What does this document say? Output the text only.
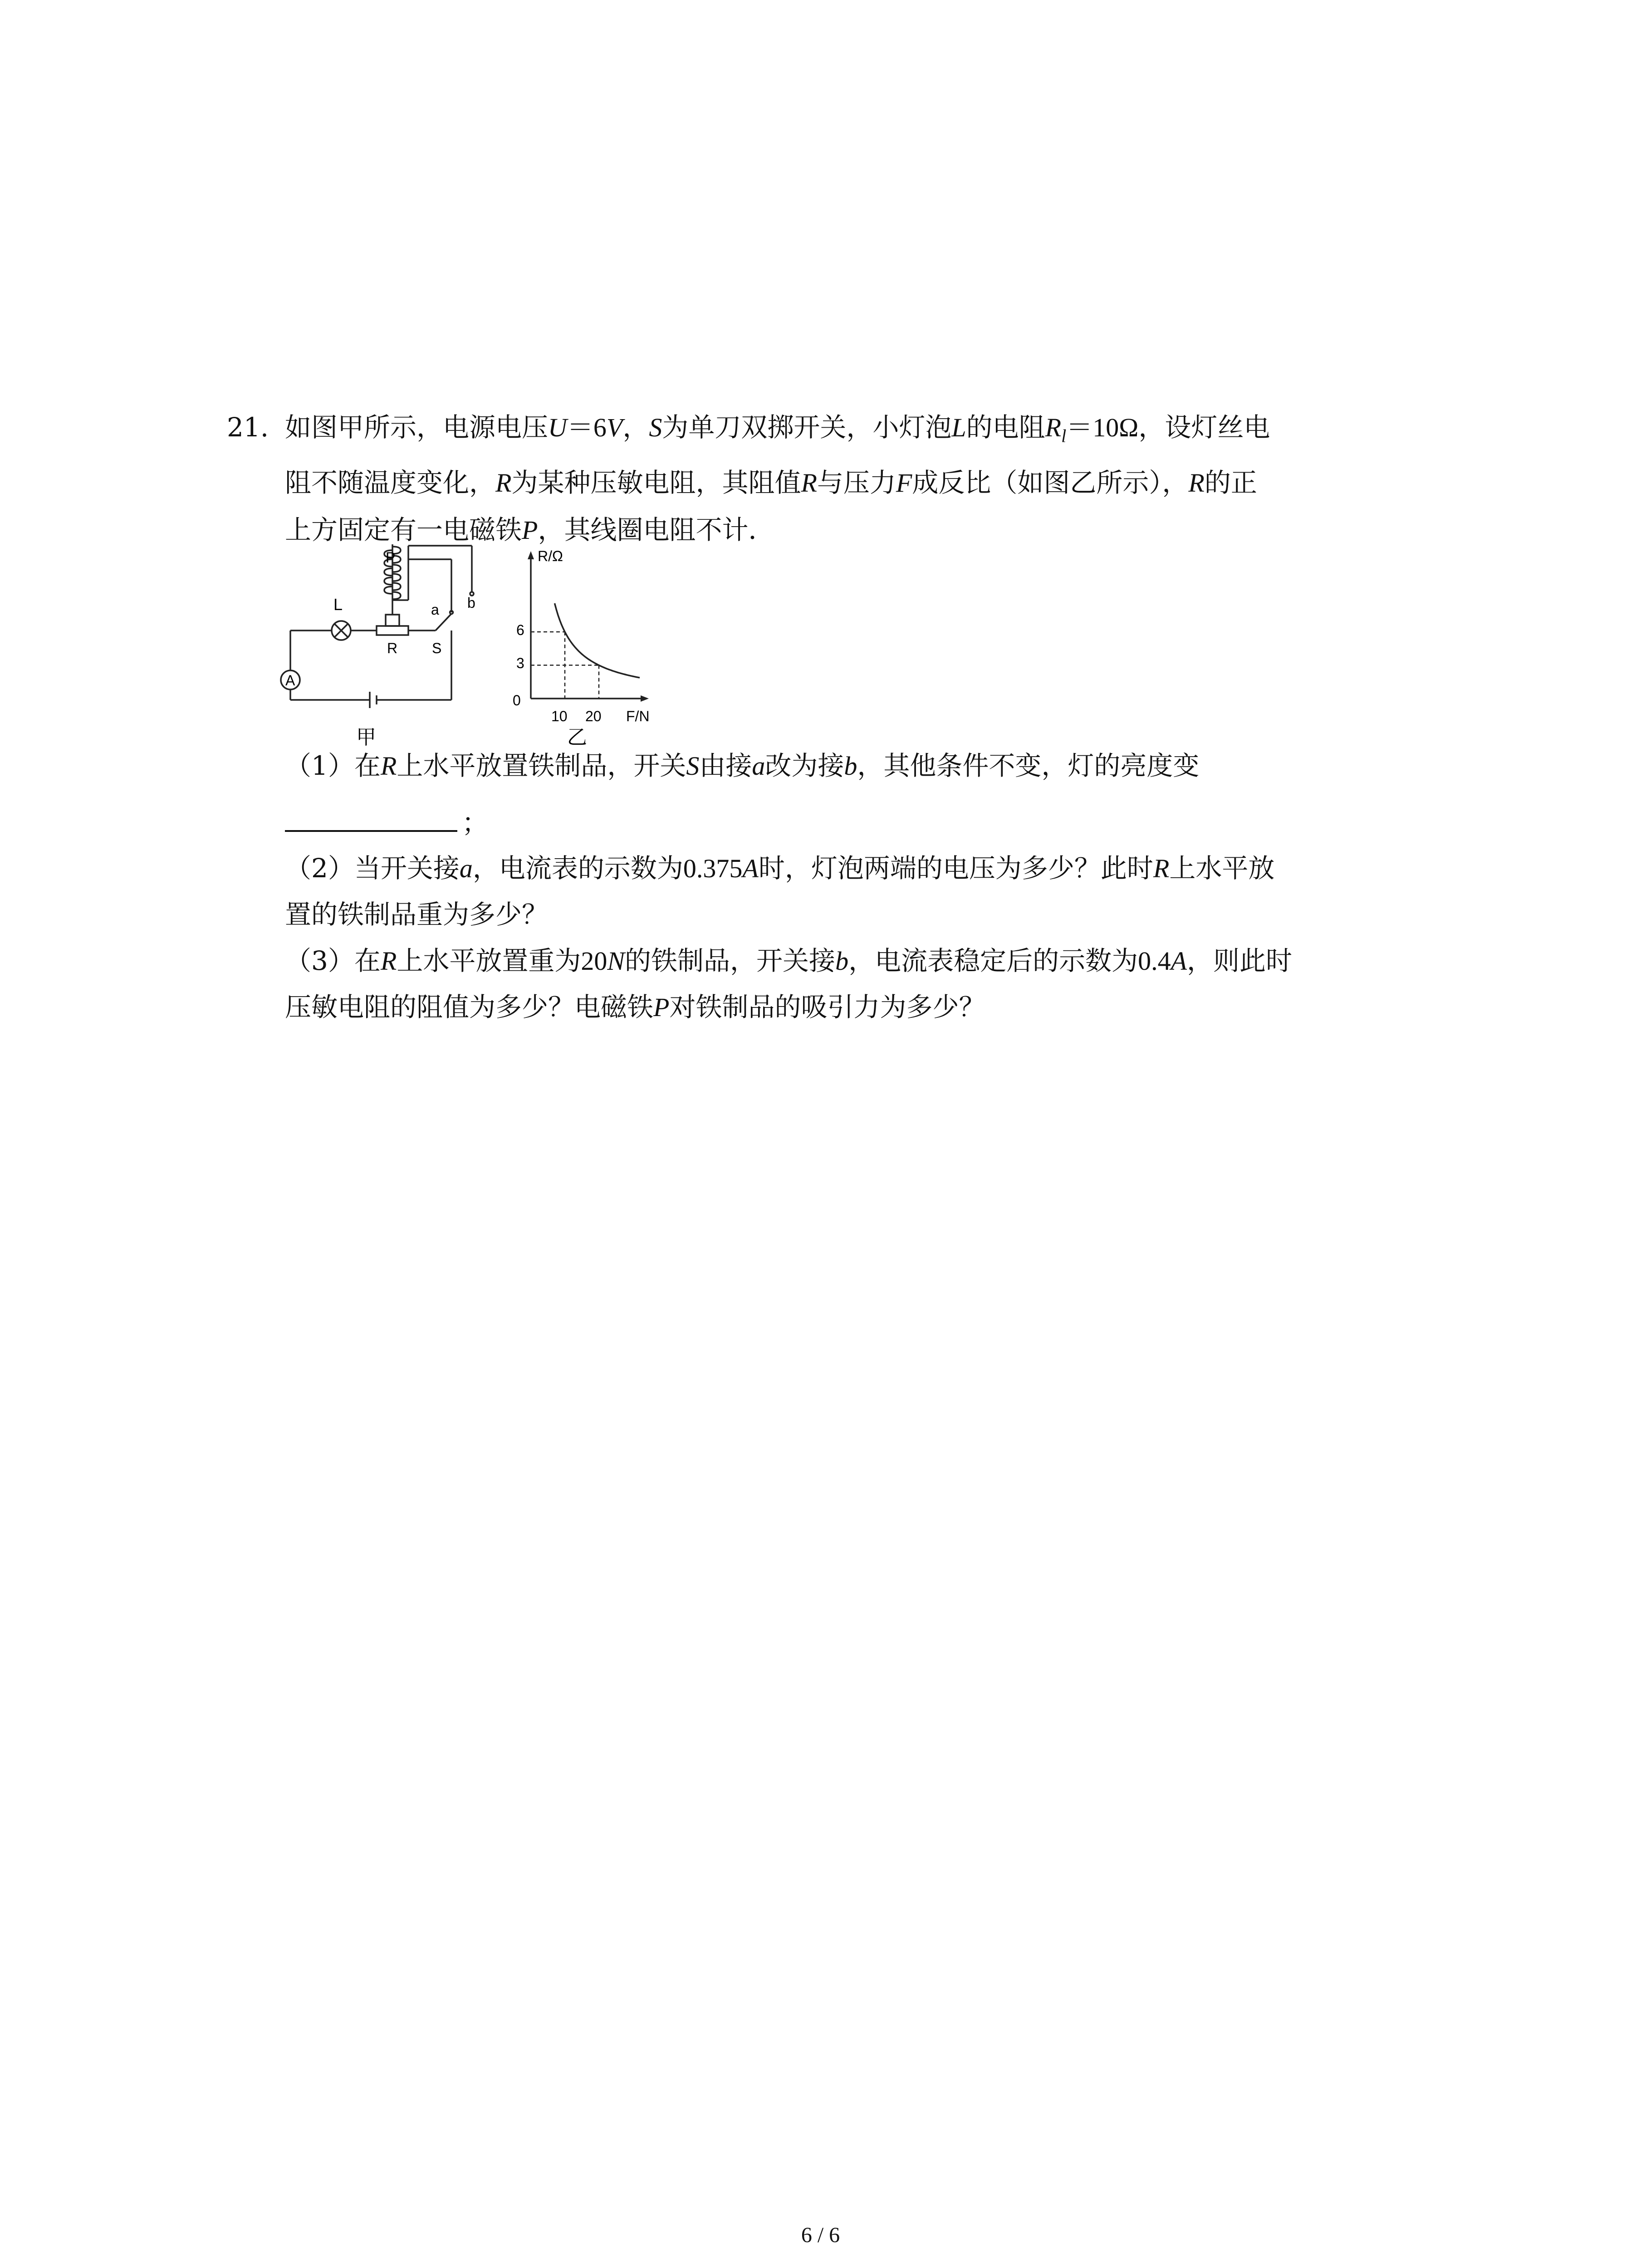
21. 如图甲所示，电源电压U＝6V，S为单刀双掷开关，小灯泡L的电阻$R_l=10\Omega$，设灯丝电
阻不随温度变化，R为某种压敏电阻，其阻值R与压力F成反比（如图乙所示），R的正
上方固定有一电磁铁P，其线圈电阻不计．
P
L
R
a b
S
A
甲
R/Ω
F/N
0
6
3
10 20
乙
（1）在R上水平放置铁制品，开关S由接a改为接b，其他条件不变，灯的亮度变
；
（2）当开关接a，电流表的示数为0.375A时，灯泡两端的电压为多少？此时R上水平放
置的铁制品重为多少？
（3）在R上水平放置重为20N的铁制品，开关接b，电流表稳定后的示数为0.4A，则此时
压敏电阻的阻值为多少？电磁铁P对铁制品的吸引力为多少？
6 / 6
